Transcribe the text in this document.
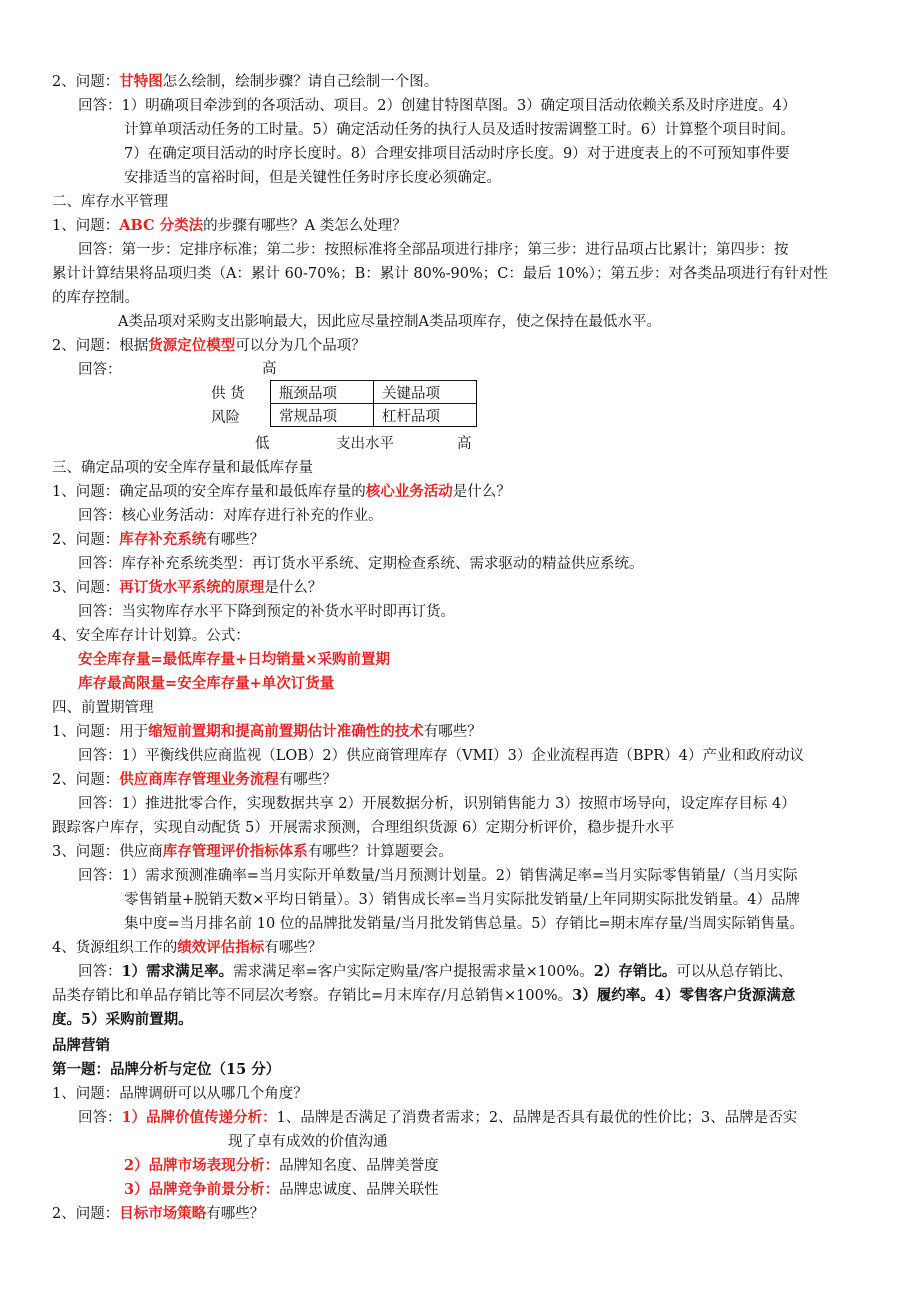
2、问题：甘特图怎么绘制，绘制步骤？请自己绘制一个图。
回答：1）明确项目牵涉到的各项活动、项目。2）创建甘特图草图。3）确定项目活动依赖关系及时序进度。4）
计算单项活动任务的工时量。5）确定活动任务的执行人员及适时按需调整工时。6）计算整个项目时间。
7）在确定项目活动的时序长度时。8）合理安排项目活动时序长度。9）对于进度表上的不可预知事件要
安排适当的富裕时间，但是关键性任务时序长度必须确定。
二、库存水平管理
1、问题：ABC 分类法的步骤有哪些？A 类怎么处理？
回答：第一步：定排序标准；第二步：按照标准将全部品项进行排序；第三步：进行品项占比累计；第四步：按
累计计算结果将品项归类（A：累计 60-70%；B：累计 80%-90%；C：最后 10%）；第五步：对各类品项进行有针对性
的库存控制。
A类品项对采购支出影响最大，因此应尽量控制A类品项库存，使之保持在最低水平。
2、问题：根据货源定位模型可以分为几个品项？
回答：
三、确定品项的安全库存量和最低库存量
1、问题：确定品项的安全库存量和最低库存量的核心业务活动是什么？
回答：核心业务活动：对库存进行补充的作业。
2、问题：库存补充系统有哪些？
回答：库存补充系统类型：再订货水平系统、定期检查系统、需求驱动的精益供应系统。
3、问题：再订货水平系统的原理是什么？
回答：当实物库存水平下降到预定的补货水平时即再订货。
4、安全库存计计划算。公式：
安全库存量=最低库存量+日均销量×采购前置期
库存最高限量=安全库存量+单次订货量
四、前置期管理
1、问题：用于缩短前置期和提高前置期估计准确性的技术有哪些？
回答：1）平衡线供应商监视（LOB）2）供应商管理库存（VMI）3）企业流程再造（BPR）4）产业和政府动议
2、问题：供应商库存管理业务流程有哪些？
回答：1）推进批零合作，实现数据共享 2）开展数据分析，识别销售能力 3）按照市场导向，设定库存目标 4）
跟踪客户库存，实现自动配货 5）开展需求预测，合理组织货源 6）定期分析评价，稳步提升水平
3、问题：供应商库存管理评价指标体系有哪些？计算题要会。
回答：1）需求预测准确率=当月实际开单数量/当月预测计划量。2）销售满足率=当月实际零售销量/（当月实际
零售销量+脱销天数×平均日销量）。3）销售成长率=当月实际批发销量/上年同期实际批发销量。4）品牌
集中度=当月排名前 10 位的品牌批发销量/当月批发销售总量。5）存销比=期末库存量/当周实际销售量。
4、货源组织工作的绩效评估指标有哪些？
回答：1）需求满足率。需求满足率=客户实际定购量/客户提报需求量×100%。2）存销比。可以从总存销比、
品类存销比和单品存销比等不同层次考察。存销比=月末库存/月总销售×100%。3）履约率。4）零售客户货源满意
度。5）采购前置期。
品牌营销
第一题：品牌分析与定位（15 分）
1、问题：品牌调研可以从哪几个角度？
回答：1）品牌价值传递分析：1、品牌是否满足了消费者需求；2、品牌是否具有最优的性价比；3、品牌是否实
现了卓有成效的价值沟通
2）品牌市场表现分析：品牌知名度、品牌美誉度
3）品牌竞争前景分析：品牌忠诚度、品牌关联性
2、问题：目标市场策略有哪些？
高
供 货
风险
瓶颈品项	关键品项
常规品项	杠杆品项
低	支出水平	高
